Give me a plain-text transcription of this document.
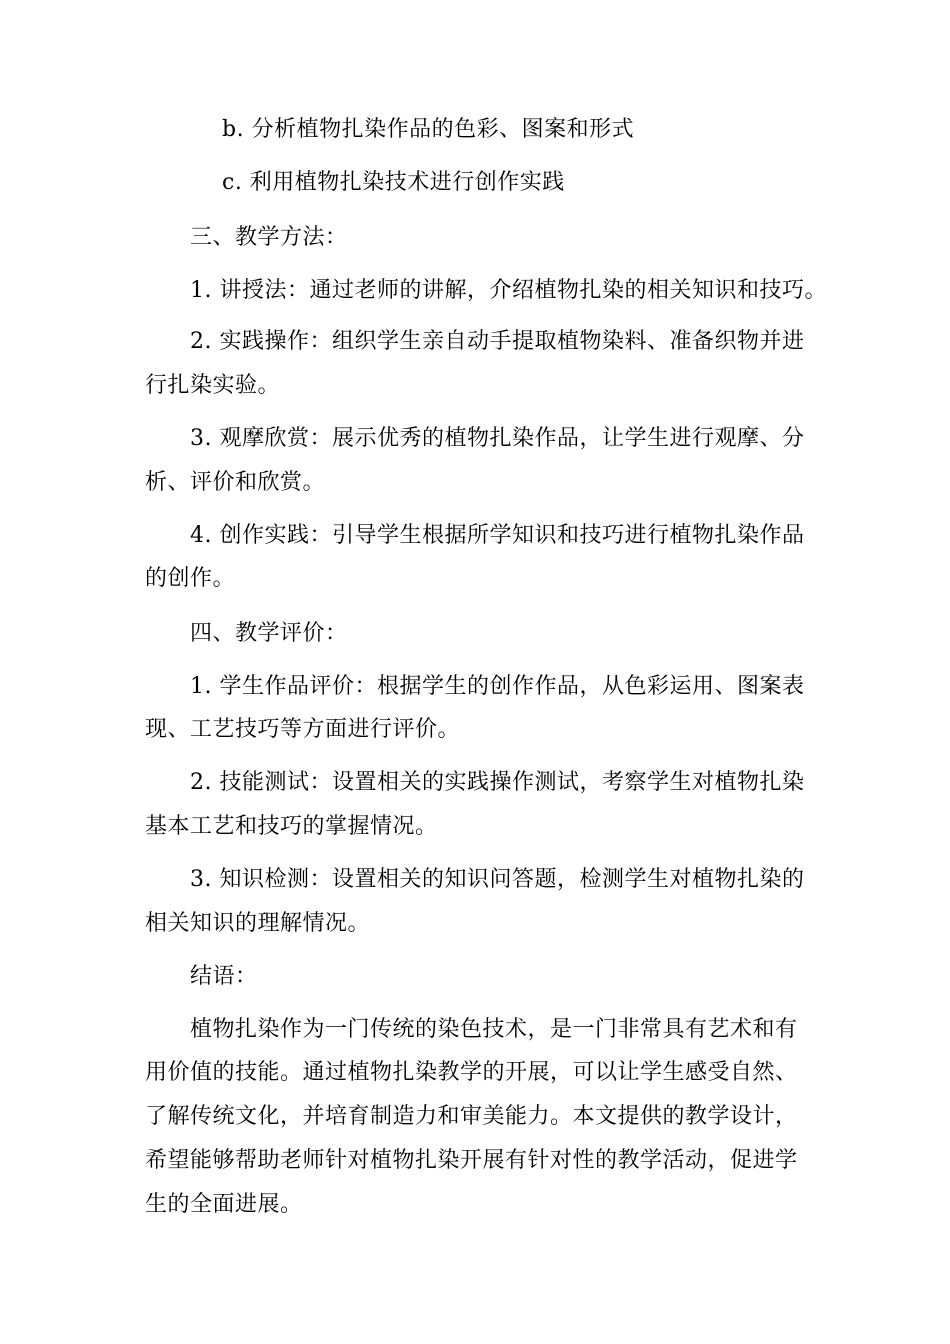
b. 分析植物扎染作品的色彩、图案和形式
c. 利用植物扎染技术进行创作实践
三、教学方法：
1. 讲授法：通过老师的讲解，介绍植物扎染的相关知识和技巧。
2. 实践操作：组织学生亲自动手提取植物染料、准备织物并进
行扎染实验。
3. 观摩欣赏：展示优秀的植物扎染作品，让学生进行观摩、分
析、评价和欣赏。
4. 创作实践：引导学生根据所学知识和技巧进行植物扎染作品
的创作。
四、教学评价：
1. 学生作品评价：根据学生的创作作品，从色彩运用、图案表
现、工艺技巧等方面进行评价。
2. 技能测试：设置相关的实践操作测试，考察学生对植物扎染
基本工艺和技巧的掌握情况。
3. 知识检测：设置相关的知识问答题，检测学生对植物扎染的
相关知识的理解情况。
结语：
植物扎染作为一门传统的染色技术，是一门非常具有艺术和有
用价值的技能。通过植物扎染教学的开展，可以让学生感受自然、
了解传统文化，并培育制造力和审美能力。本文提供的教学设计，
希望能够帮助老师针对植物扎染开展有针对性的教学活动，促进学
生的全面进展。
